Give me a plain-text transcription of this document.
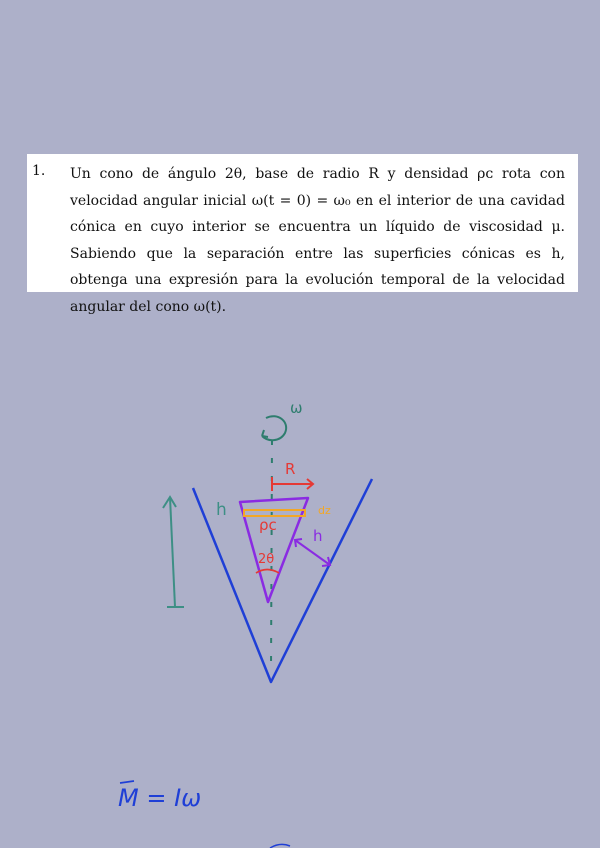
1. Un cono de ángulo 2θ, base de radio R y densidad ρᴄ rota con velocidad angular inicial ω(t = 0) = ω₀ en el interior de una cavidad cónica en cuyo interior se encuentra un líquido de viscosidad μ. Sabiendo que la separación entre las superficies cónicas es h, obtenga una expresión para la evolución temporal de la velocidad angular del cono ω(t).

ω
dz
R
ρc
2θ
h
h
M = Iω
